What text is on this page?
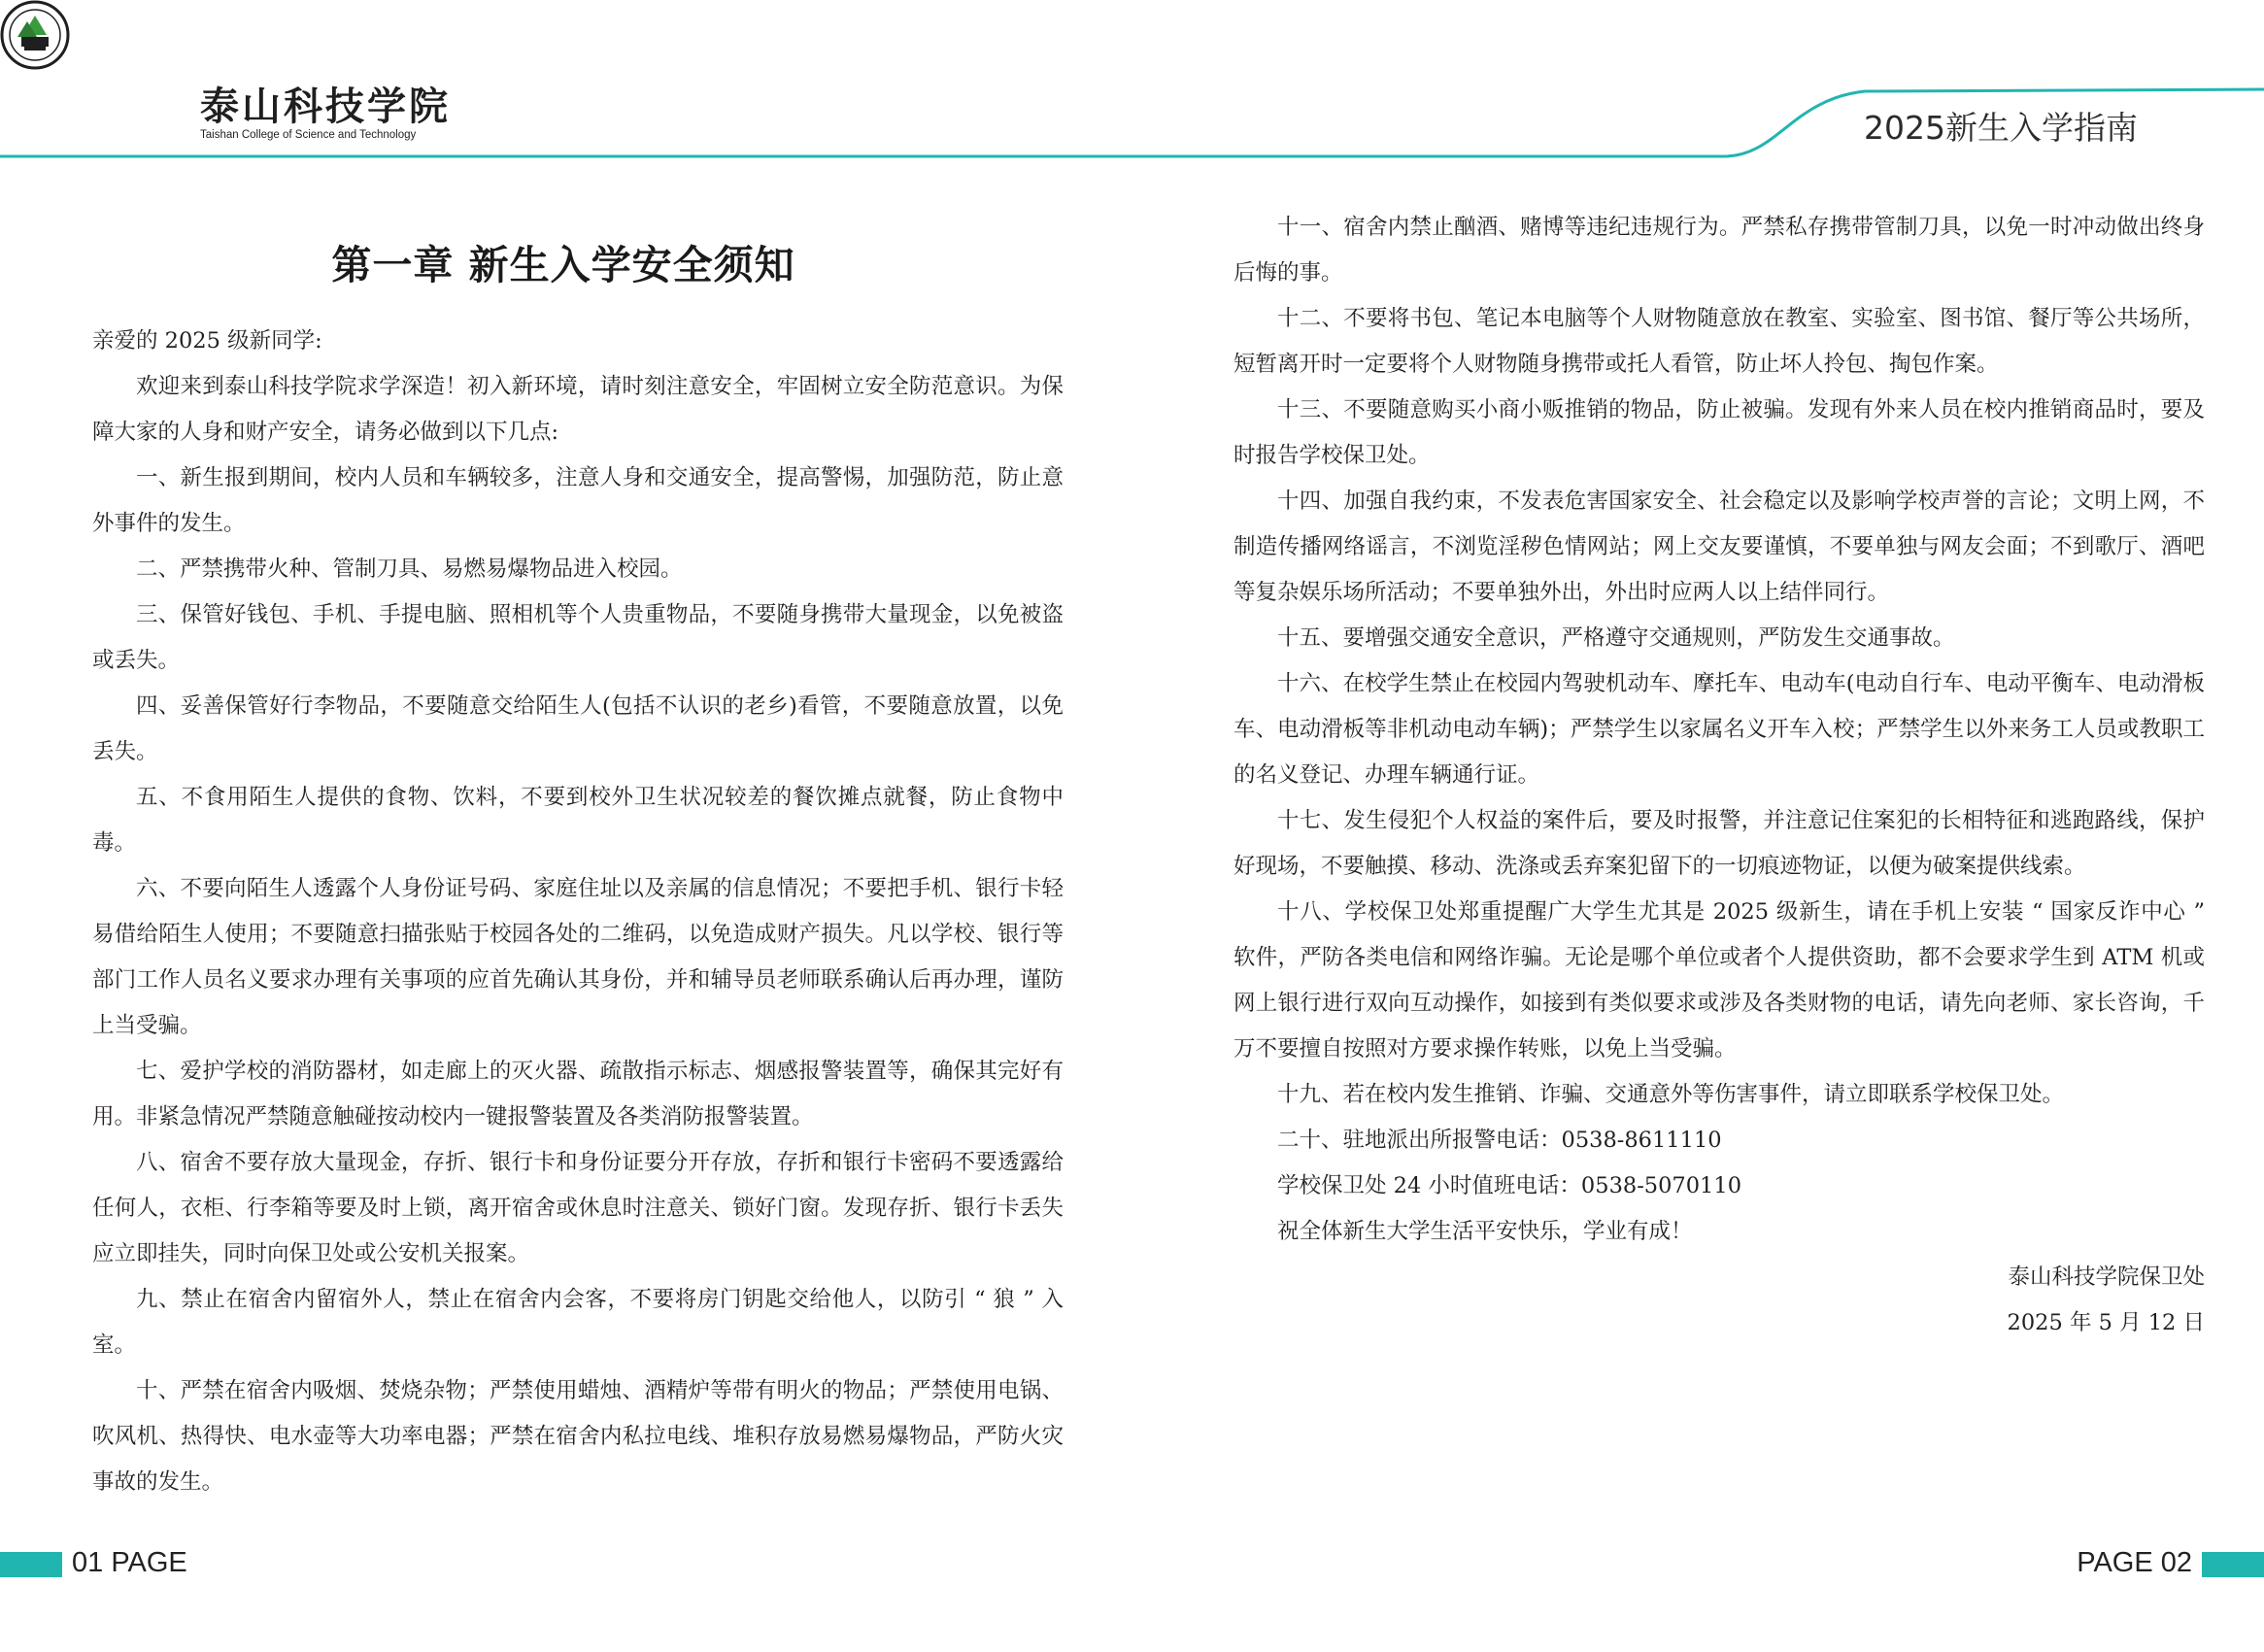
泰山科技学院
Taishan College of Science and Technology	2025新生入学指南
第一章 新生入学安全须知

亲爱的 2025 级新同学:

欢迎来到泰山科技学院求学深造！初入新环境，请时刻注意安全，牢固树立安全防范意识。为保障大家的人身和财产安全，请务必做到以下几点:

一、新生报到期间，校内人员和车辆较多，注意人身和交通安全，提高警惕，加强防范，防止意外事件的发生。

二、严禁携带火种、管制刀具、易燃易爆物品进入校园。

三、保管好钱包、手机、手提电脑、照相机等个人贵重物品，不要随身携带大量现金，以免被盗或丢失。

四、妥善保管好行李物品，不要随意交给陌生人(包括不认识的老乡)看管，不要随意放置，以免丢失。

五、不食用陌生人提供的食物、饮料，不要到校外卫生状况较差的餐饮摊点就餐，防止食物中毒。

六、不要向陌生人透露个人身份证号码、家庭住址以及亲属的信息情况；不要把手机、银行卡轻易借给陌生人使用；不要随意扫描张贴于校园各处的二维码，以免造成财产损失。凡以学校、银行等部门工作人员名义要求办理有关事项的应首先确认其身份，并和辅导员老师联系确认后再办理，谨防上当受骗。

七、爱护学校的消防器材，如走廊上的灭火器、疏散指示标志、烟感报警装置等，确保其完好有用。非紧急情况严禁随意触碰按动校内一键报警装置及各类消防报警装置。

八、宿舍不要存放大量现金，存折、银行卡和身份证要分开存放，存折和银行卡密码不要透露给任何人，衣柜、行李箱等要及时上锁，离开宿舍或休息时注意关、锁好门窗。发现存折、银行卡丢失应立即挂失，同时向保卫处或公安机关报案。

九、禁止在宿舍内留宿外人，禁止在宿舍内会客，不要将房门钥匙交给他人，以防引 “ 狼 ” 入室。

十、严禁在宿舍内吸烟、焚烧杂物；严禁使用蜡烛、酒精炉等带有明火的物品；严禁使用电锅、吹风机、热得快、电水壶等大功率电器；严禁在宿舍内私拉电线、堆积存放易燃易爆物品，严防火灾事故的发生。

十一、宿舍内禁止酗酒、赌博等违纪违规行为。严禁私存携带管制刀具，以免一时冲动做出终身后悔的事。

十二、不要将书包、笔记本电脑等个人财物随意放在教室、实验室、图书馆、餐厅等公共场所，短暂离开时一定要将个人财物随身携带或托人看管，防止坏人拎包、掏包作案。

十三、不要随意购买小商小贩推销的物品，防止被骗。发现有外来人员在校内推销商品时，要及时报告学校保卫处。

十四、加强自我约束，不发表危害国家安全、社会稳定以及影响学校声誉的言论；文明上网，不制造传播网络谣言，不浏览淫秽色情网站；网上交友要谨慎，不要单独与网友会面；不到歌厅、酒吧等复杂娱乐场所活动；不要单独外出，外出时应两人以上结伴同行。

十五、要增强交通安全意识，严格遵守交通规则，严防发生交通事故。

十六、在校学生禁止在校园内驾驶机动车、摩托车、电动车(电动自行车、电动平衡车、电动滑板车、电动滑板等非机动电动车辆)；严禁学生以家属名义开车入校；严禁学生以外来务工人员或教职工的名义登记、办理车辆通行证。

十七、发生侵犯个人权益的案件后，要及时报警，并注意记住案犯的长相特征和逃跑路线，保护好现场，不要触摸、移动、洗涤或丢弃案犯留下的一切痕迹物证，以便为破案提供线索。

十八、学校保卫处郑重提醒广大学生尤其是 2025 级新生，请在手机上安装 “ 国家反诈中心 ” 软件，严防各类电信和网络诈骗。无论是哪个单位或者个人提供资助，都不会要求学生到 ATM 机或网上银行进行双向互动操作，如接到有类似要求或涉及各类财物的电话，请先向老师、家长咨询，千万不要擅自按照对方要求操作转账，以免上当受骗。

十九、若在校内发生推销、诈骗、交通意外等伤害事件，请立即联系学校保卫处。

二十、驻地派出所报警电话：0538-8611110

学校保卫处 24 小时值班电话：0538-5070110

祝全体新生大学生活平安快乐，学业有成！

泰山科技学院保卫处

2025 年 5 月 12 日

01 PAGE	PAGE 02
